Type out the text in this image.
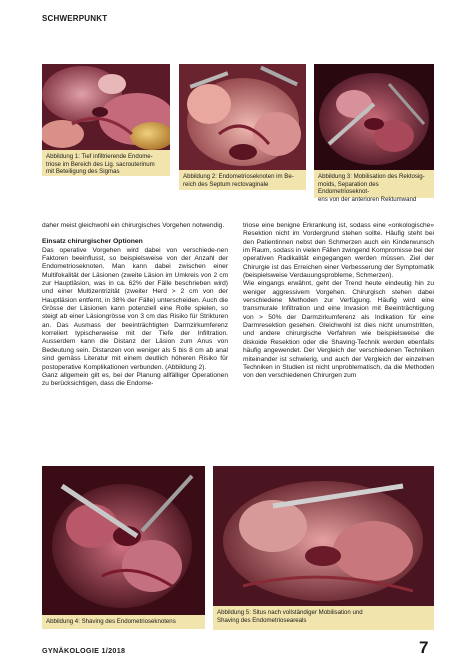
SCHWERPUNKT
Abbildung 1: Tief infiltrierende Endome-
triose im Bereich des Lig. sacrouterinum
mit Beteiligung des Sigmas
Abbildung 2: Endometrioseknoten im Be-
reich des Septum rectovaginale
Abbildung 3: Mobilisation des Rektosig-
moids, Separation des Endometrioseknot-
ens von der anterioren Rektumwand

daher meist gleichwohl ein chirurgisches Vorgehen notwendig.

Einsatz chirurgischer Optionen

Das operative Vorgehen wird dabei von verschiede-nen Faktoren beeinflusst, so beispielsweise von der Anzahl der Endometrioseknoten. Man kann dabei zwischen einer Multifokalität der Läsionen (zweite Läsion im Umkreis von 2 cm zur Hauptläsion, was in ca. 62% der Fälle beschrieben wird) und einer Multizentrizität (zweiter Herd > 2 cm von der Hauptläsion entfernt, in 38% der Fälle) unterscheiden. Auch die Grösse der Läsionen kann potenziell eine Rolle spielen, so steigt ab einer Läsiongrösse von 3 cm das Risiko für Strikturen an. Das Ausmass der beeinträchtigten Darmzirkumferenz korreliert typischerweise mit der Tiefe der Infiltration. Ausserdem kann die Distanz der Läsion zum Anus von Bedeutung sein. Distanzen von weniger als 5 bis 8 cm ab anal sind gemäss Literatur mit einem deutlich höheren Risiko für postoperative Komplikationen verbunden. (Abbildung 2).

Ganz allgemein gilt es, bei der Planung allfälliger Operationen zu berücksichtigen, dass die Endome-

triose eine benigne Erkrankung ist, sodass eine «onkologische» Resektion nicht im Vordergrund stehen sollte. Häufig steht bei den Patientinnen nebst den Schmerzen auch ein Kinderwunsch im Raum, sodass in vielen Fällen zwingend Kompromisse bei der operativen Radikalität eingegangen werden müssen. Ziel der Chirurgie ist das Erreichen einer Verbesserung der Symptomatik (beispielsweise Verdauungsprobleme, Schmerzen).

Wie eingangs erwähnt, geht der Trend heute eindeutig hin zu weniger aggressivem Vorgehen. Chirurgisch stehen dabei verschiedene Methoden zur Verfügung. Häufig wird eine transmurale Infiltration und eine Invasion mit Beeinträchtigung von > 50% der Darmzirkumferenz als Indikation für eine Darmresektion gesehen. Gleichwohl ist dies nicht unumstritten, und andere chirurgische Verfahren wie beispielsweise die diskoide Resektion oder die Shaving-Technik werden ebenfalls häufig angewendet. Der Vergleich der verschiedenen Techniken miteinander ist schwierig, und auch der Vergleich der einzelnen Techniken in Studien ist nicht unproblematisch, da die Methoden von den verschiedenen Chirurgen zum

Abbildung 4: Shaving des Endometrioseknotens
Abbildung 5: Situs nach vollständiger Mobilisation und
Shaving des Endometrioseareals
GYNÄKOLOGIE 1/2018	7
